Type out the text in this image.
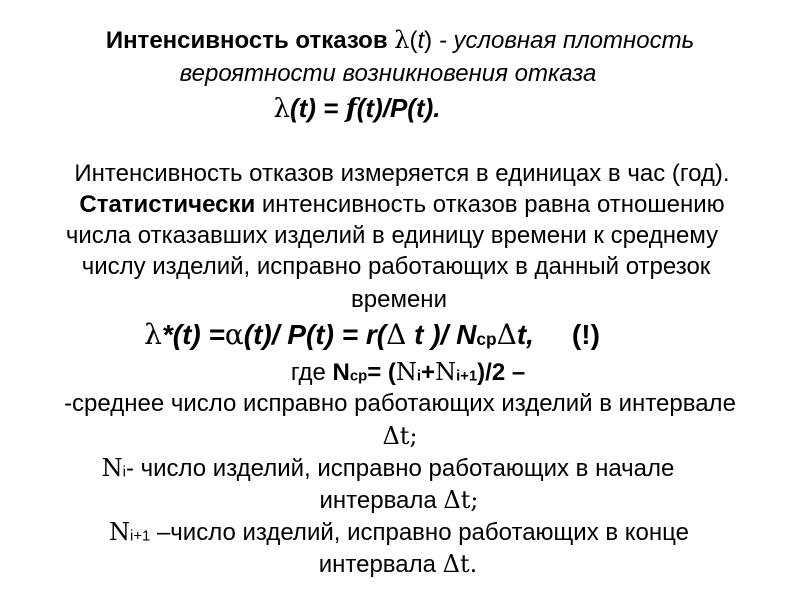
Интенсивность отказов λ(t) - условная плотность
вероятности возникновения отказа
λ(t) = f(t)/P(t).
Интенсивность отказов измеряется в единицах в час (год).
Статистически интенсивность отказов равна отношению
числа отказавших изделий в единицу времени к среднему
числу изделий, исправно работающих в данный отрезок
времени
λ*(t) =α(t)/ P(t) = r(Δ t )/ NсрΔt, (!)
где Nср= (Ni+Ni+1)/2 –
-среднее число исправно работающих изделий в интервале
Δt;
Ni- число изделий, исправно работающих в начале
интервала Δt;
Ni+1 –число изделий, исправно работающих в конце
интервала Δt.
